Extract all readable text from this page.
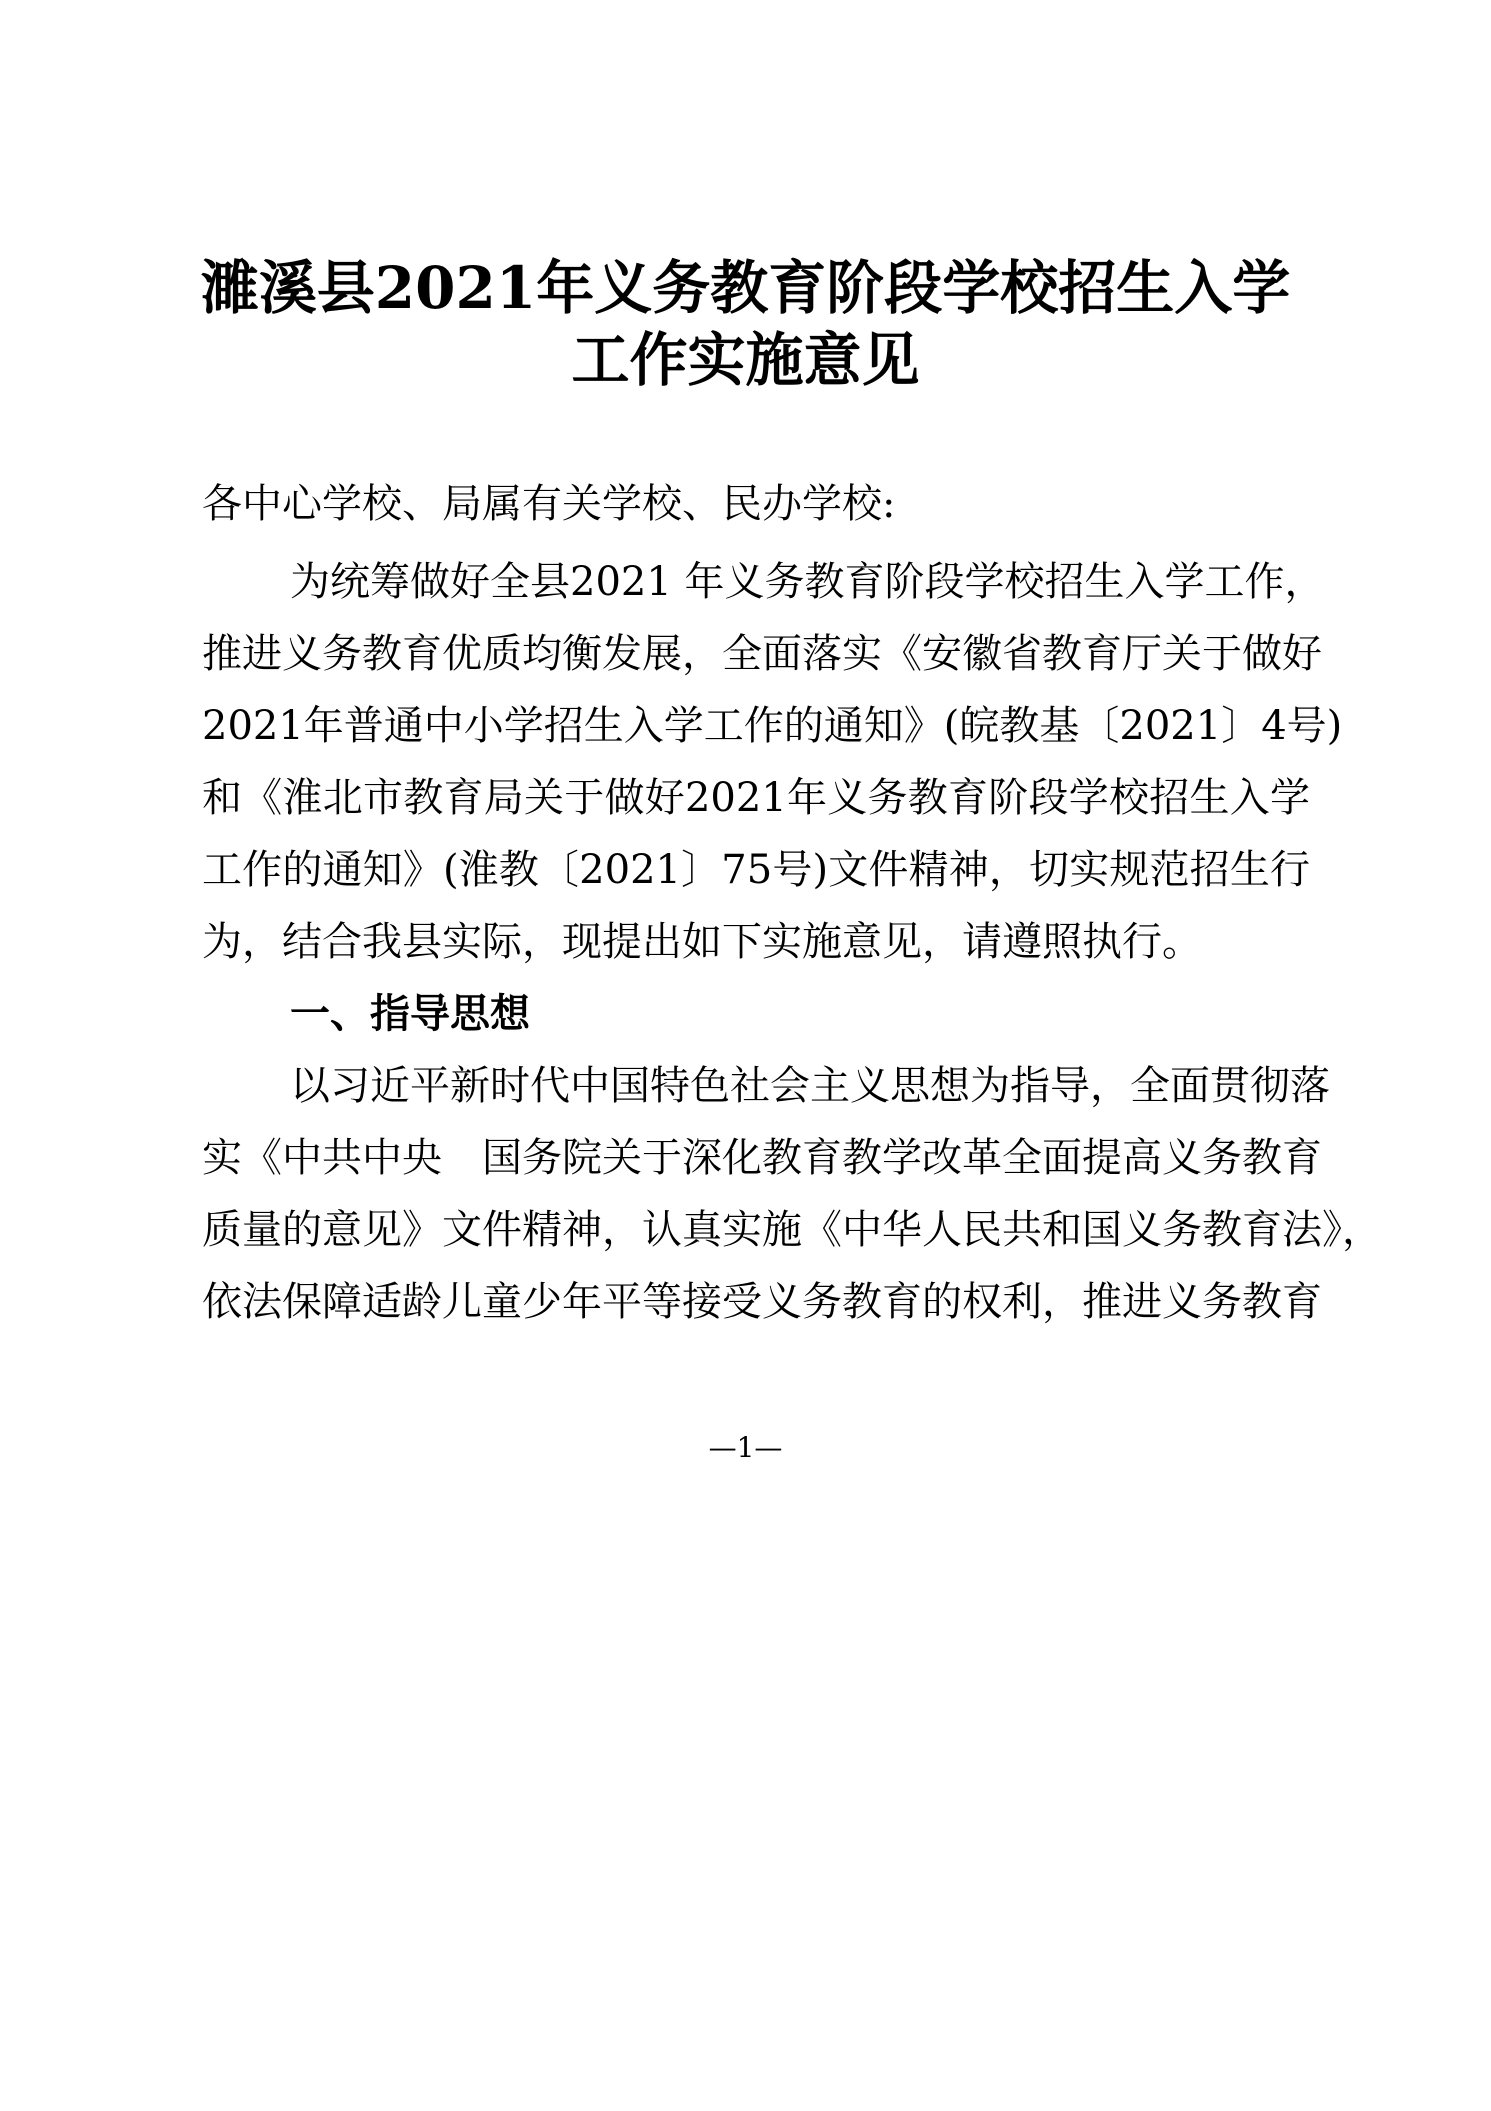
濉溪县2021年义务教育阶段学校招生入学
工作实施意见

各中心学校、局属有关学校、民办学校:

为统筹做好全县2021 年义务教育阶段学校招生入学工作，

推进义务教育优质均衡发展，全面落实《安徽省教育厅关于做好

2021年普通中小学招生入学工作的通知》(皖教基〔2021〕4号)

和《淮北市教育局关于做好2021年义务教育阶段学校招生入学

工作的通知》(淮教〔2021〕75号)文件精神，切实规范招生行

为，结合我县实际，现提出如下实施意见，请遵照执行。

一、指导思想

以习近平新时代中国特色社会主义思想为指导，全面贯彻落

实《中共中央　国务院关于深化教育教学改革全面提高义务教育

质量的意见》文件精神，认真实施《中华人民共和国义务教育法》，

依法保障适龄儿童少年平等接受义务教育的权利，推进义务教育

—1—
